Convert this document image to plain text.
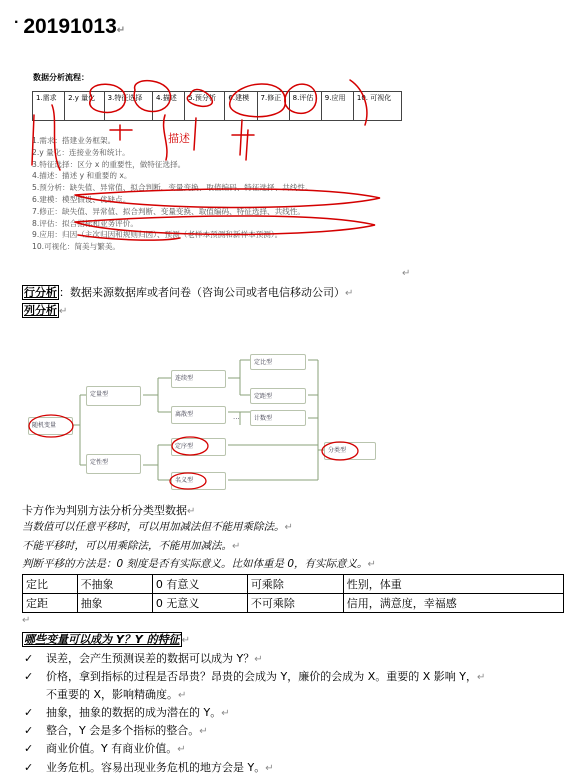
· 20191013↵
数据分析流程：
1.需求	2.y 量化	3.特征选择	4.描述	5.预分析	6.建模	7.修正	8.评估	9.应用	10. 可视化
1.需求：搭建业务框架。
2.y 量化：连接业务和统计。
3.特征选择：区分 x 的重要性，做特征选择。
4.描述：描述 y 和重要的 x。
5.预分析：缺失值、异常值、拟合判断、变量变换、取值编码、特征选择、共线性。
6.建模：模型假设、优缺点。
7.修正：缺失值、异常值、拟合判断、变量变换、取值编码、特征选择、共线性。
8.评估：拟合指标和业务评价。
9.应用：归因（主次归因和规则归因）、预测（老样本预测和新样本预测）。
10.可视化：简美与繁美。
描述
↵
行分析 ：数据来源数据库或者问卷（咨询公司或者电信移动公司）↵
列分析 ↵
随机变量
定量型
定性型
连续型
离散型
定比型
定距型
计数型
定序型
名义型
分类型
...
卡方作为判别方法分析分类型数据↵
当数值可以任意平移时，可以用加减法但不能用乘除法。↵
不能平移时，可以用乘除法，不能用加减法。↵
判断平移的方法是：0 刻度是否有实际意义。比如体重是 0，有实际意义。↵
定比	不抽象	0 有意义	可乘除	性别，体重
定距	抽象	0 无意义	不可乘除	信用，满意度，幸福感
↵
哪些变量可以成为 Y？Y 的特征 ↵
✓ 误差，会产生预测误差的数据可以成为 Y？↵
✓ 价格，拿到指标的过程是否昂贵？昂贵的会成为 Y，廉价的会成为 X。重要的 X 影响 Y，↵
✓ 抽象，抽象的数据的成为潜在的 Y。↵
✓ 整合，Y 会是多个指标的整合。↵
✓ 商业价值。Y 有商业价值。↵
✓ 业务危机。容易出现业务危机的地方会是 Y。↵
不重要的 X，影响精确度。↵
